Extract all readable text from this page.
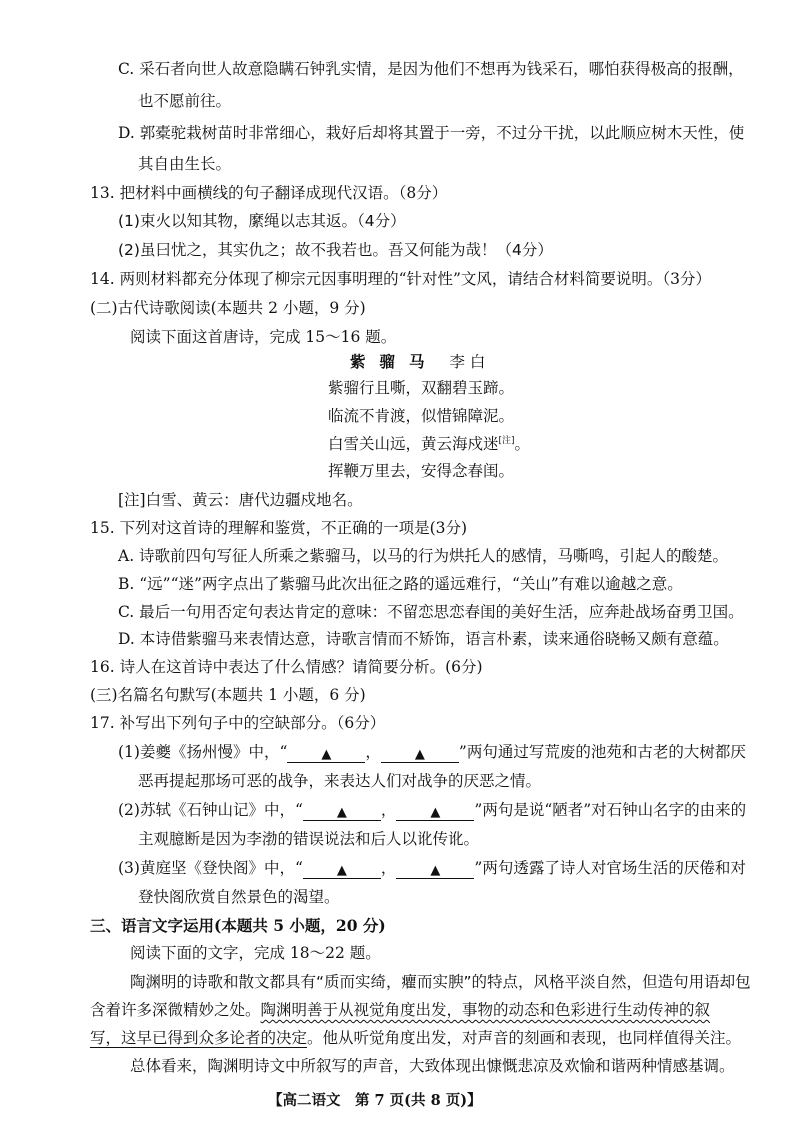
C. 采石者向世人故意隐瞒石钟乳实情，是因为他们不想再为钱采石，哪怕获得极高的报酬，
也不愿前往。
D. 郭橐驼栽树苗时非常细心，栽好后却将其置于一旁，不过分干扰，以此顺应树木天性，使
其自由生长。
13. 把材料中画横线的句子翻译成现代汉语。（8分）
(1)束火以知其物，縻绳以志其返。（4分）
(2)虽曰忧之，其实仇之；故不我若也。吾又何能为哉！（4分）
14. 两则材料都充分体现了柳宗元因事明理的“针对性”文风，请结合材料简要说明。（3分）
(二)古代诗歌阅读(本题共 2 小题，9 分)
阅读下面这首唐诗，完成 15～16 题。
紫骝马 李 白
紫骝行且嘶，双翻碧玉蹄。
临流不肯渡，似惜锦障泥。
白雪关山远，黄云海戍迷[注]。
挥鞭万里去，安得念春闺。
[注]白雪、黄云：唐代边疆戍地名。
15. 下列对这首诗的理解和鉴赏，不正确的一项是(3分)
A. 诗歌前四句写征人所乘之紫骝马，以马的行为烘托人的感情，马嘶鸣，引起人的酸楚。
B. “远”“迷”两字点出了紫骝马此次出征之路的遥远难行，“关山”有难以逾越之意。
C. 最后一句用否定句表达肯定的意味：不留恋思恋春闺的美好生活，应奔赴战场奋勇卫国。
D. 本诗借紫骝马来表情达意，诗歌言情而不矫饰，语言朴素，读来通俗晓畅又颇有意蕴。
16. 诗人在这首诗中表达了什么情感？请简要分析。(6分)
(三)名篇名句默写(本题共 1 小题，6 分)
17. 补写出下列句子中的空缺部分。（6分）
(1)姜夔《扬州慢》中，“	▲ ，	▲ ”两句通过写荒废的池苑和古老的大树都厌
恶再提起那场可恶的战争，来表达人们对战争的厌恶之情。
(2)苏轼《石钟山记》中，“	▲ ，	▲ ”两句是说“陋者”对石钟山名字的由来的
主观臆断是因为李渤的错误说法和后人以讹传讹。
(3)黄庭坚《登快阁》中，“	▲ ，	▲ ”两句透露了诗人对官场生活的厌倦和对
登快阁欣赏自然景色的渴望。
三、语言文字运用(本题共 5 小题，20 分)
阅读下面的文字，完成 18～22 题。
陶渊明的诗歌和散文都具有“质而实绮，癯而实腴”的特点，风格平淡自然，但造句用语却包
含着许多深微精妙之处。陶渊明善于从视觉角度出发，事物的动态和色彩进行生动传神的叙
写，这早已得到众多论者的决定。他从听觉角度出发，对声音的刻画和表现，也同样值得关注。
总体看来，陶渊明诗文中所叙写的声音，大致体现出慷慨悲凉及欢愉和谐两种情感基调。
【高二语文　第 7 页(共 8 页)】
